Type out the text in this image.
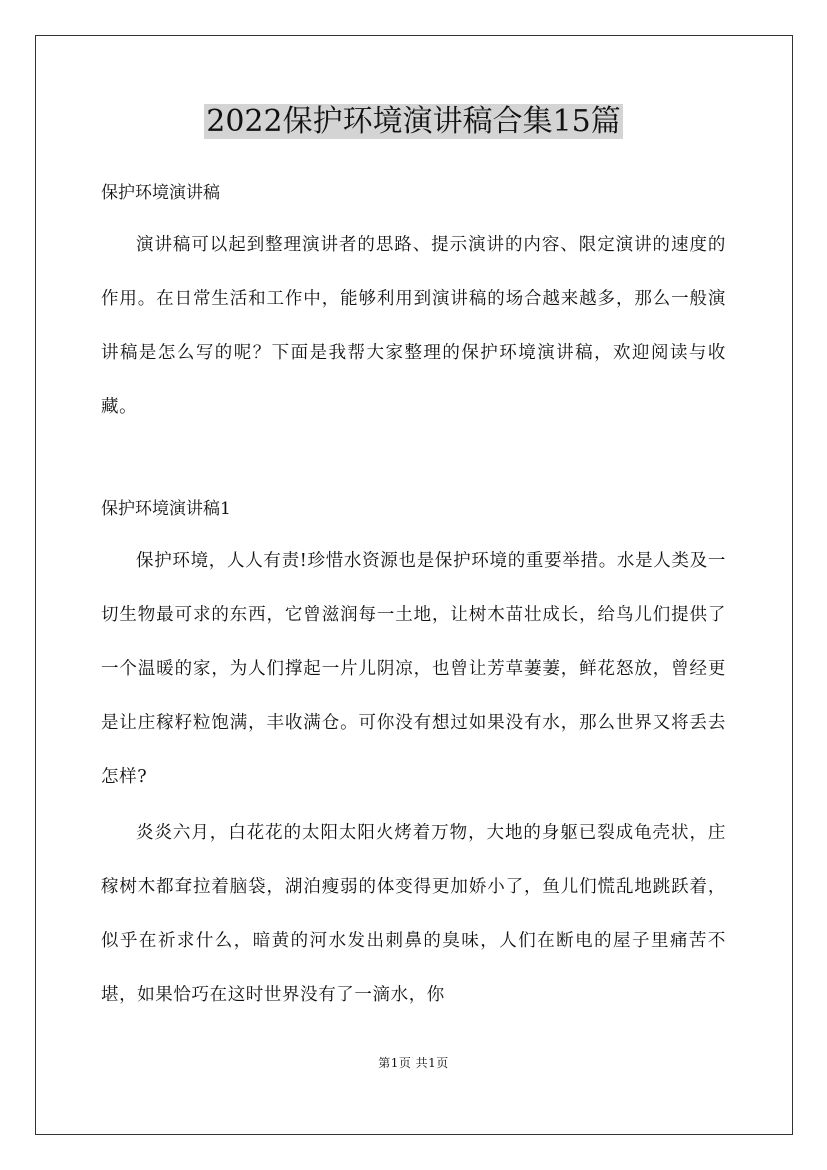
2022保护环境演讲稿合集15篇
保护环境演讲稿

演讲稿可以起到整理演讲者的思路、提示演讲的内容、限定演讲的速度的作用。在日常生活和工作中，能够利用到演讲稿的场合越来越多，那么一般演讲稿是怎么写的呢？下面是我帮大家整理的保护环境演讲稿，欢迎阅读与收藏。

保护环境演讲稿1

保护环境，人人有责!珍惜水资源也是保护环境的重要举措。水是人类及一切生物最可求的东西，它曾滋润每一土地，让树木苗壮成长，给鸟儿们提供了一个温暖的家，为人们撑起一片儿阴凉，也曾让芳草萋萋，鲜花怒放，曾经更是让庄稼籽粒饱满，丰收满仓。可你没有想过如果没有水，那么世界又将丢去怎样?

炎炎六月，白花花的太阳太阳火烤着万物，大地的身躯已裂成龟壳状，庄稼树木都耷拉着脑袋，湖泊瘦弱的体变得更加娇小了，鱼儿们慌乱地跳跃着，似乎在祈求什么，暗黄的河水发出刺鼻的臭味，人们在断电的屋子里痛苦不堪，如果恰巧在这时世界没有了一滴水，你

第1页 共1页
